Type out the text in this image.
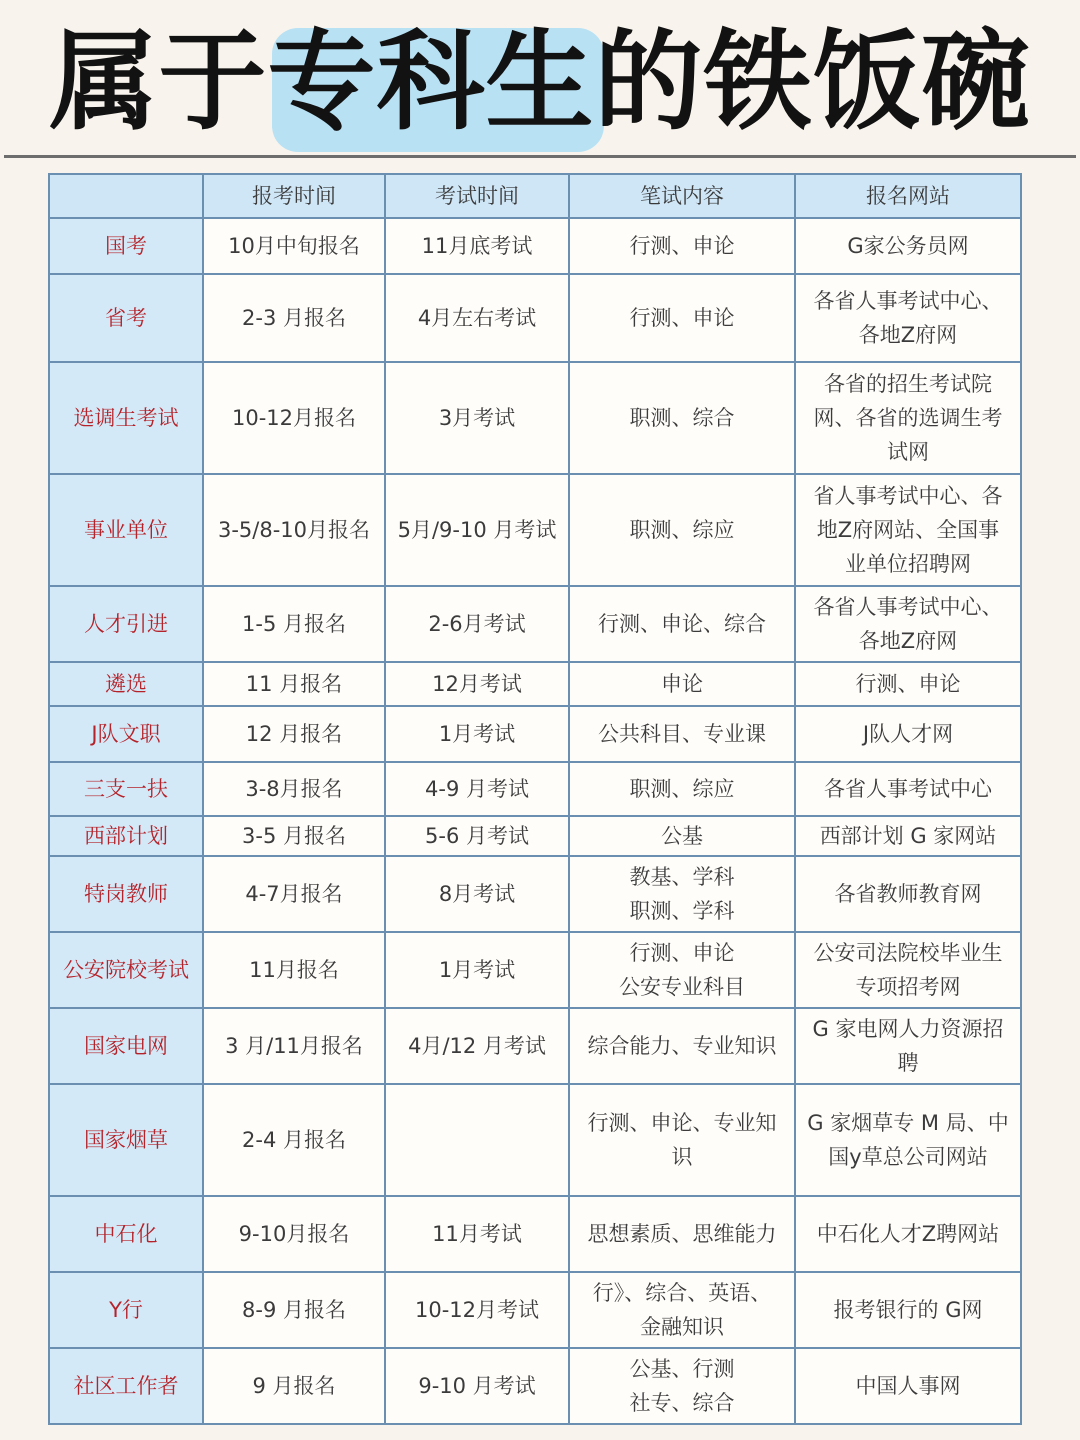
属于专科生的铁饭碗
	报考时间	考试时间	笔试内容	报名网站
国考	10月中旬报名	11月底考试	行测、申论	G家公务员网
省考	2-3 月报名	4月左右考试	行测、申论	各省人事考试中心、
各地Z府网
选调生考试	10-12月报名	3月考试	职测、综合	各省的招生考试院
网、各省的选调生考
试网
事业单位	3-5/8-10月报名	5月/9-10 月考试	职测、综应	省人事考试中心、各
地Z府网站、全国事
业单位招聘网
人才引进	1-5 月报名	2-6月考试	行测、申论、综合	各省人事考试中心、
各地Z府网
遴选	11 月报名	12月考试	申论	行测、申论
J队文职	12 月报名	1月考试	公共科目、专业课	J队人才网
三支一扶	3-8月报名	4-9 月考试	职测、综应	各省人事考试中心
西部计划	3-5 月报名	5-6 月考试	公基	西部计划 G 家网站
特岗教师	4-7月报名	8月考试	教基、学科
职测、学科	各省教师教育网
公安院校考试	11月报名	1月考试	行测、申论
公安专业科目	公安司法院校毕业生
专项招考网
国家电网	3 月/11月报名	4月/12 月考试	综合能力、专业知识	G 家电网人力资源招
聘
国家烟草	2-4 月报名		行测、申论、专业知
识	G 家烟草专 M 局、中
国y草总公司网站
中石化	9-10月报名	11月考试	思想素质、思维能力	中石化人才Z聘网站
Y行	8-9 月报名	10-12月考试	行》、综合、英语、
金融知识	报考银行的 G网
社区工作者	9 月报名	9-10 月考试	公基、行测
社专、综合	中国人事网
